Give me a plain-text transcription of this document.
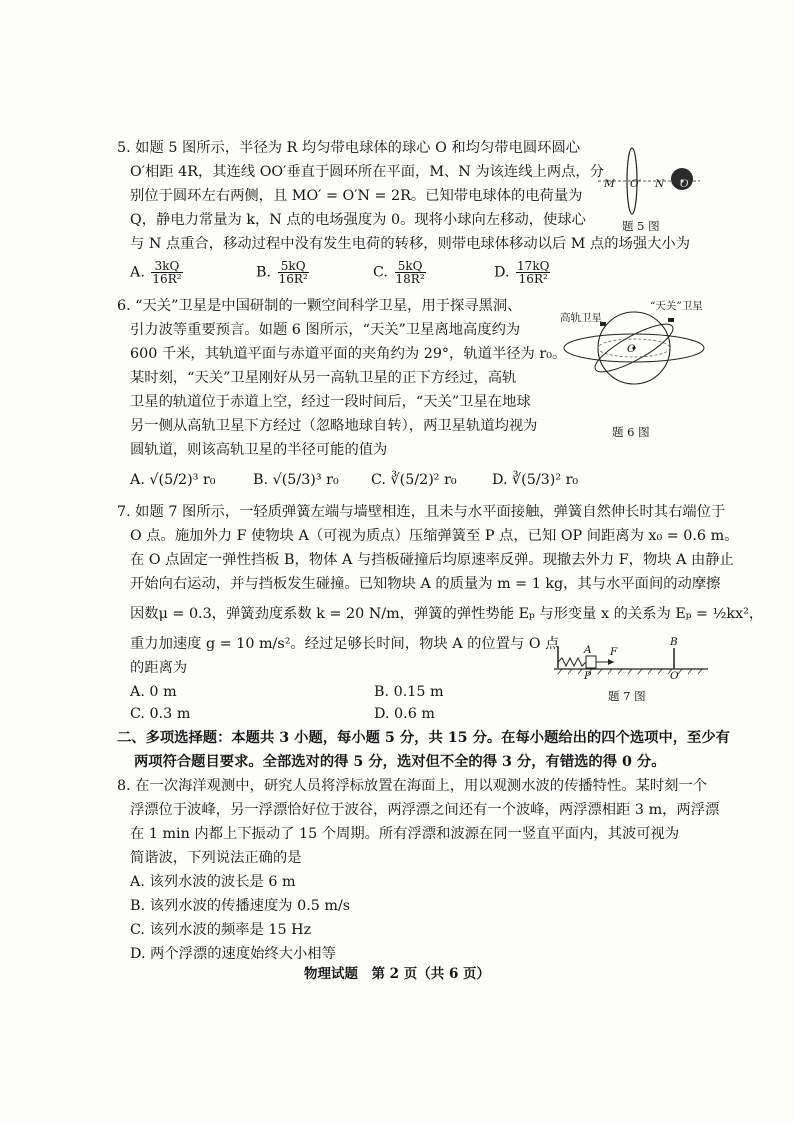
5. 如题 5 图所示，半径为 R 均匀带电球体的球心 O 和均匀带电圆环圆心
O′相距 4R，其连线 OO′垂直于圆环所在平面，M、N 为该连线上两点，分
别位于圆环左右两侧，且 MO′ = O′N = 2R。已知带电球体的电荷量为
Q，静电力常量为 k，N 点的电场强度为 0。现将小球向左移动，使球心
与 N 点重合，移动过程中没有发生电荷的转移，则带电球体移动以后 M 点的场强大小为
A. $\frac{3kQ}{\text{16R²}}$	B. $\frac{5kQ}{\text{16R²}}$	C. $\frac{5kQ}{\text{18R²}}$	D. $\frac{17kQ}{\text{16R²}}$
M O′ N O
题 5 图
6. “天关”卫星是中国研制的一颗空间科学卫星，用于探寻黑洞、
引力波等重要预言。如题 6 图所示，“天关”卫星离地高度约为
600 千米，其轨道平面与赤道平面的夹角约为 29°，轨道半径为 r₀。
某时刻，“天关”卫星刚好从另一高轨卫星的正下方经过，高轨
卫星的轨道位于赤道上空，经过一段时间后，“天关”卫星在地球
另一侧从高轨卫星下方经过（忽略地球自转），两卫星轨道均视为
圆轨道，则该高轨卫星的半径可能的值为
A. √(5/2)³ r₀	B. √(5/3)³ r₀ C. ∛(5/2)² r₀ D. ∛(5/3)² r₀
高轨卫星
“天关”卫星
O
题 6 图
7. 如题 7 图所示，一轻质弹簧左端与墙壁相连，且未与水平面接触，弹簧自然伸长时其右端位于
O 点。施加外力 F 使物块 A（可视为质点）压缩弹簧至 P 点，已知 OP 间距离为 x₀ = 0.6 m。
在 O 点固定一弹性挡板 B，物体 A 与挡板碰撞后均原速率反弹。现撤去外力 F，物块 A 由静止
开始向右运动，并与挡板发生碰撞。已知物块 A 的质量为 m = 1 kg，其与水平面间的动摩擦
因数μ = 0.3，弹簧劲度系数 k = 20 N/m，弹簧的弹性势能 Eₚ 与形变量 x 的关系为 Eₚ = ½kx²，
重力加速度 g = 10 m/s²。经过足够长时间，物块 A 的位置与 O 点
的距离为
A. 0 m	B. 0.15 m
C. 0.3 m	D. 0.6 m
A F
B
P	O
题 7 图
二、多项选择题：本题共 3 小题，每小题 5 分，共 15 分。在每小题给出的四个选项中，至少有
两项符合题目要求。全部选对的得 5 分，选对但不全的得 3 分，有错选的得 0 分。
8. 在一次海洋观测中，研究人员将浮标放置在海面上，用以观测水波的传播特性。某时刻一个
浮漂位于波峰，另一浮漂恰好位于波谷，两浮漂之间还有一个波峰，两浮漂相距 3 m，两浮漂
在 1 min 内都上下振动了 15 个周期。所有浮漂和波源在同一竖直平面内，其波可视为
简谐波，下列说法正确的是
A. 该列水波的波长是 6 m
B. 该列水波的传播速度为 0.5 m/s
C. 该列水波的频率是 15 Hz
D. 两个浮漂的速度始终大小相等
物理试题　第 2 页（共 6 页）
